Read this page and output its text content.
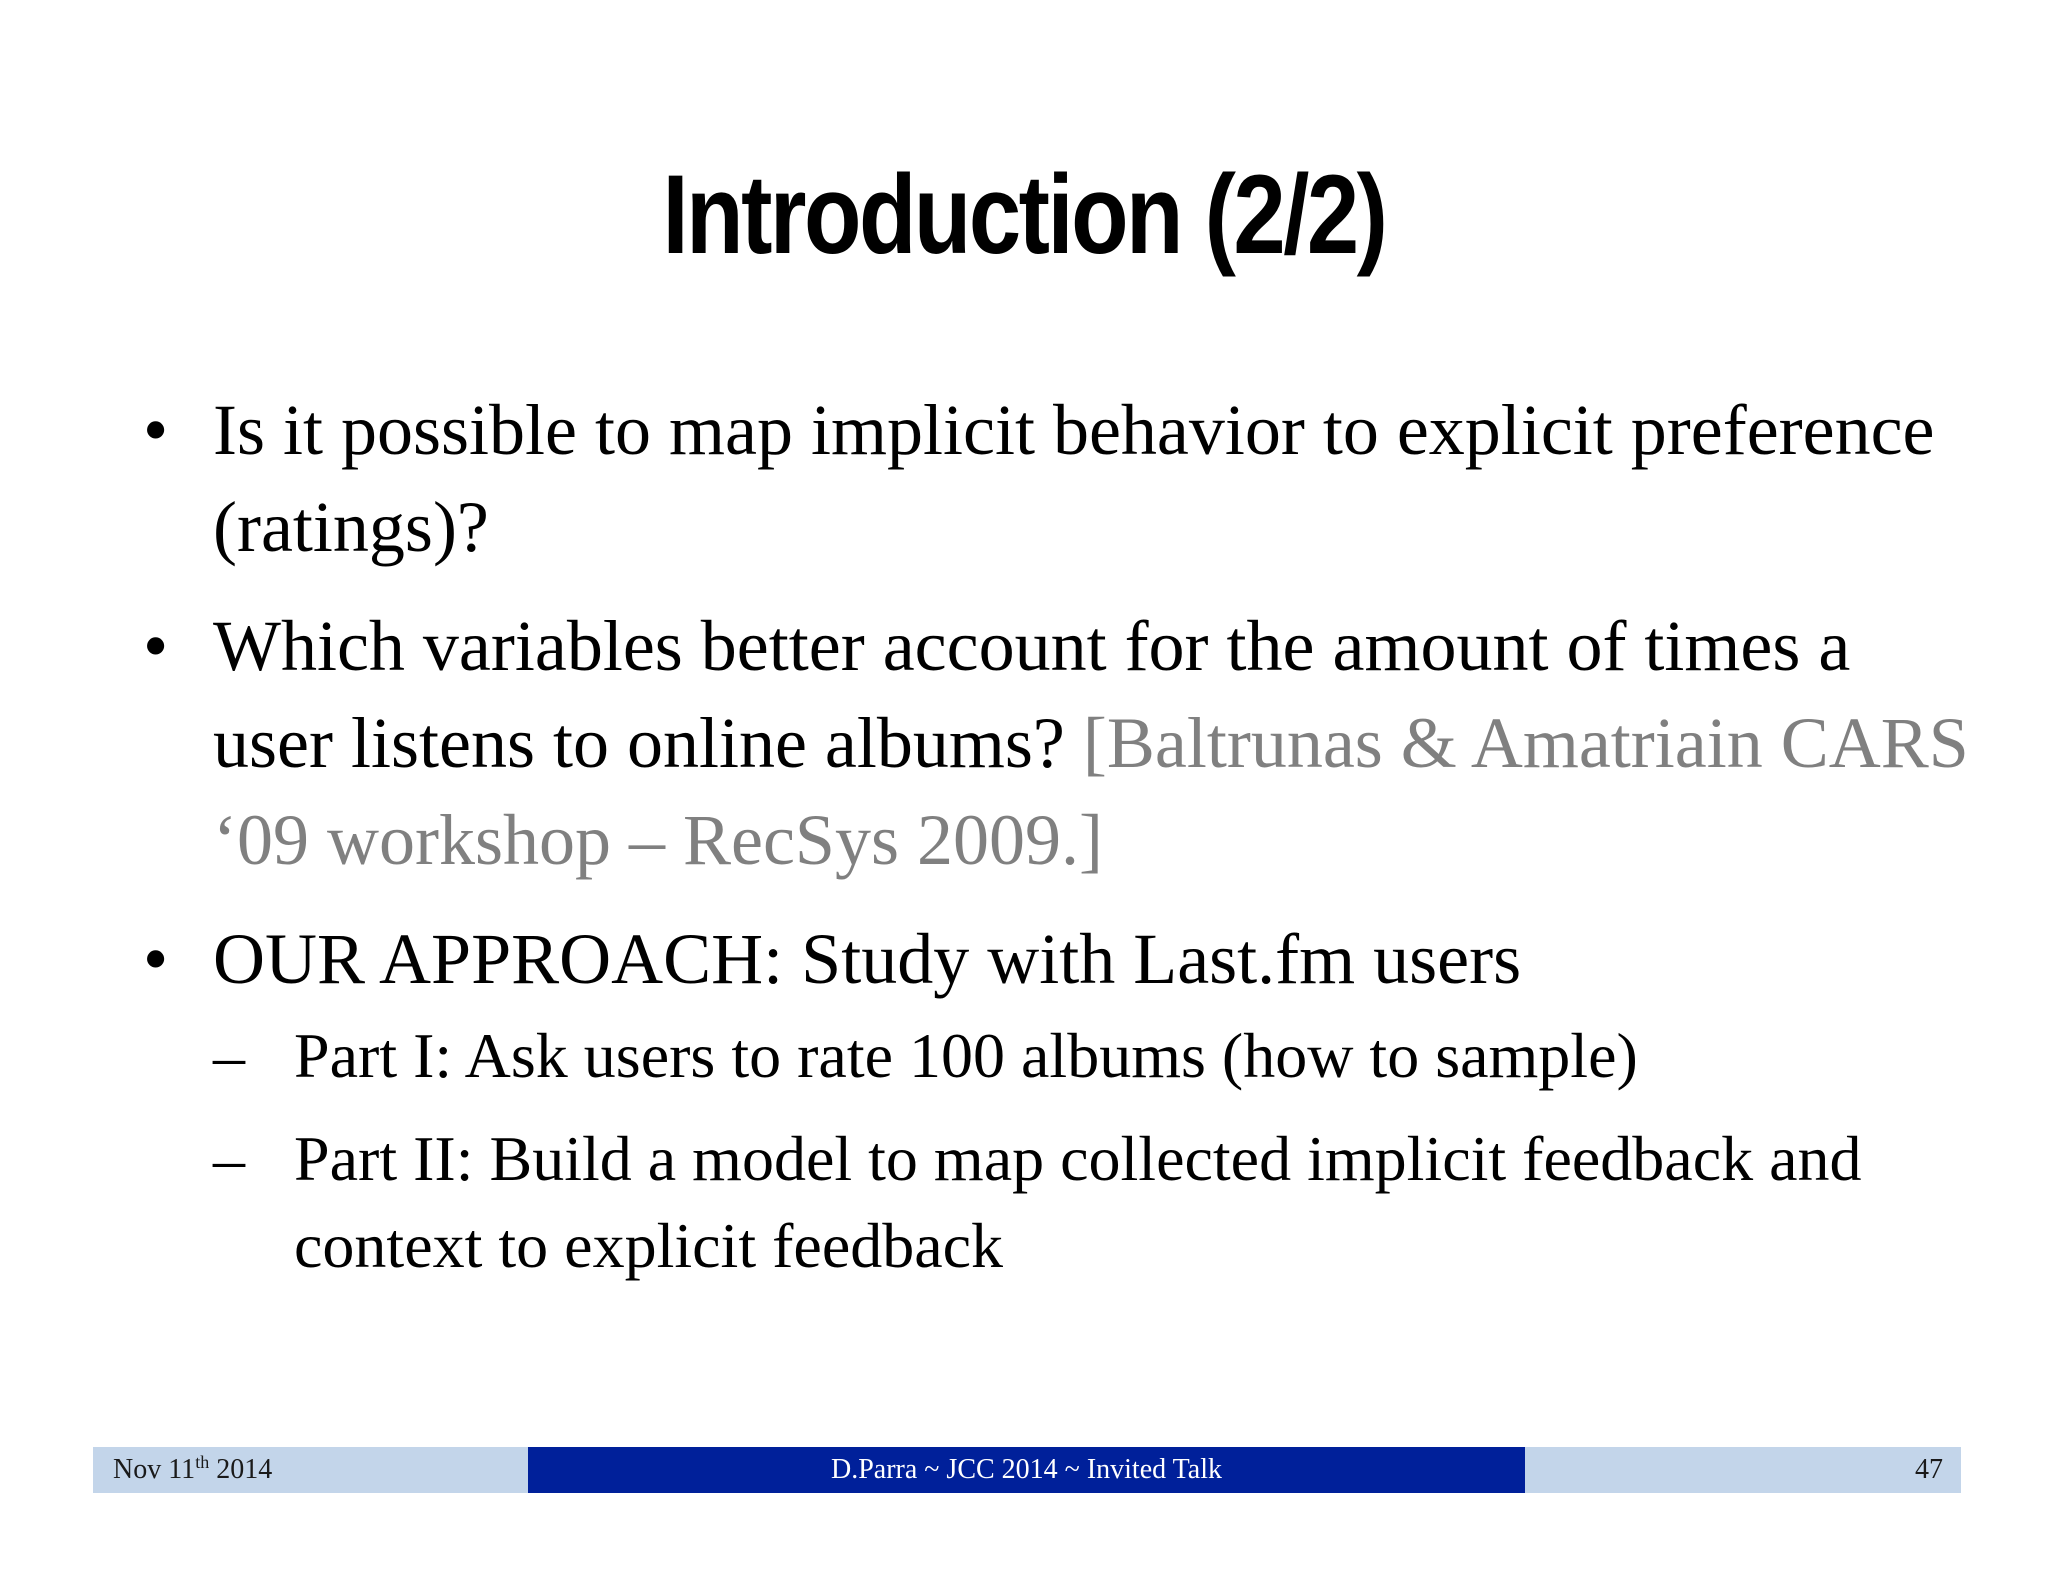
Introduction (2/2)
• Is it possible to map implicit behavior to explicit preference (ratings)?
• Which variables better account for the amount of times a user listens to online albums? [Baltrunas & Amatriain CARS ‘09 workshop – RecSys 2009.]
• OUR APPROACH: Study with Last.fm users
– Part I: Ask users to rate 100 albums (how to sample)
– Part II: Build a model to map collected implicit feedback and context to explicit feedback
Nov 11th 2014	D.Parra ~ JCC 2014 ~ Invited Talk	47
